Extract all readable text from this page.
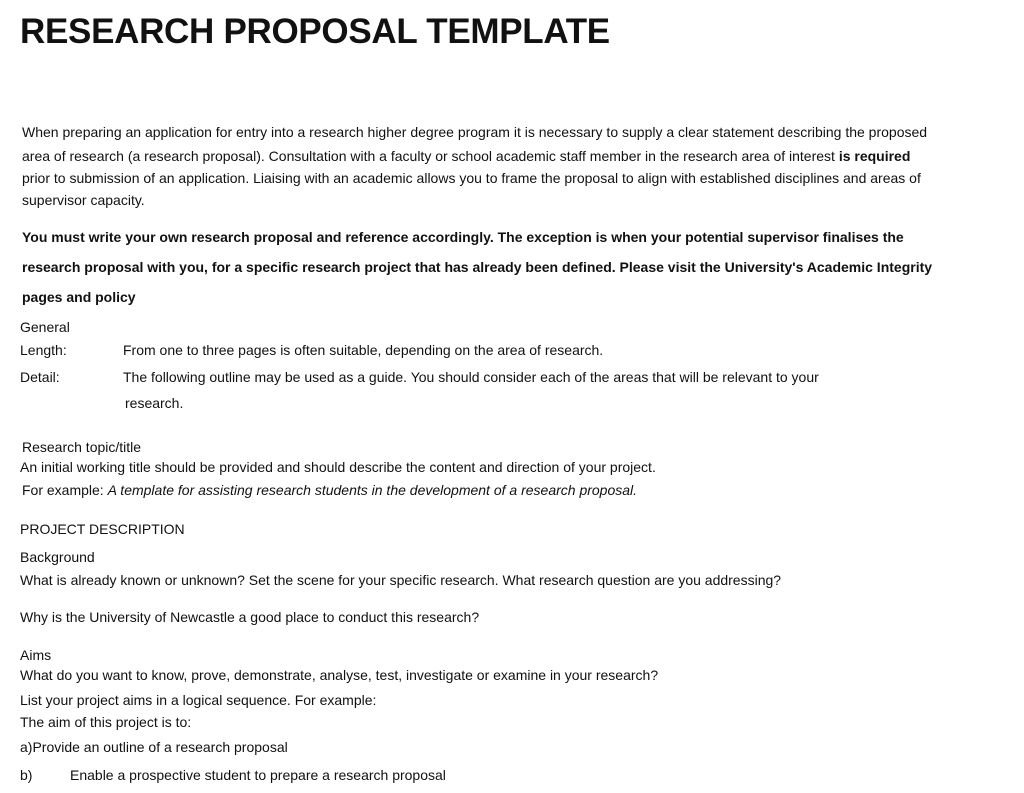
RESEARCH PROPOSAL TEMPLATE
When preparing an application for entry into a research higher degree program it is necessary to supply a clear statement describing the proposed
area of research (a research proposal). Consultation with a faculty or school academic staff member in the research area of interest is required
prior to submission of an application. Liaising with an academic allows you to frame the proposal to align with established disciplines and areas of
supervisor capacity.
You must write your own research proposal and reference accordingly. The exception is when your potential supervisor finalises the
research proposal with you, for a specific research project that has already been defined. Please visit the University's Academic Integrity
pages and policy
General
Length:	From one to three pages is often suitable, depending on the area of research.
Detail:	The following outline may be used as a guide. You should consider each of the areas that will be relevant to your
research.
Research topic/title
An initial working title should be provided and should describe the content and direction of your project.
For example: A template for assisting research students in the development of a research proposal.
PROJECT DESCRIPTION
Background
What is already known or unknown? Set the scene for your specific research. What research question are you addressing?
Why is the University of Newcastle a good place to conduct this research?
Aims
What do you want to know, prove, demonstrate, analyse, test, investigate or examine in your research?
List your project aims in a logical sequence. For example:
The aim of this project is to:
a)Provide an outline of a research proposal
b)	Enable a prospective student to prepare a research proposal
